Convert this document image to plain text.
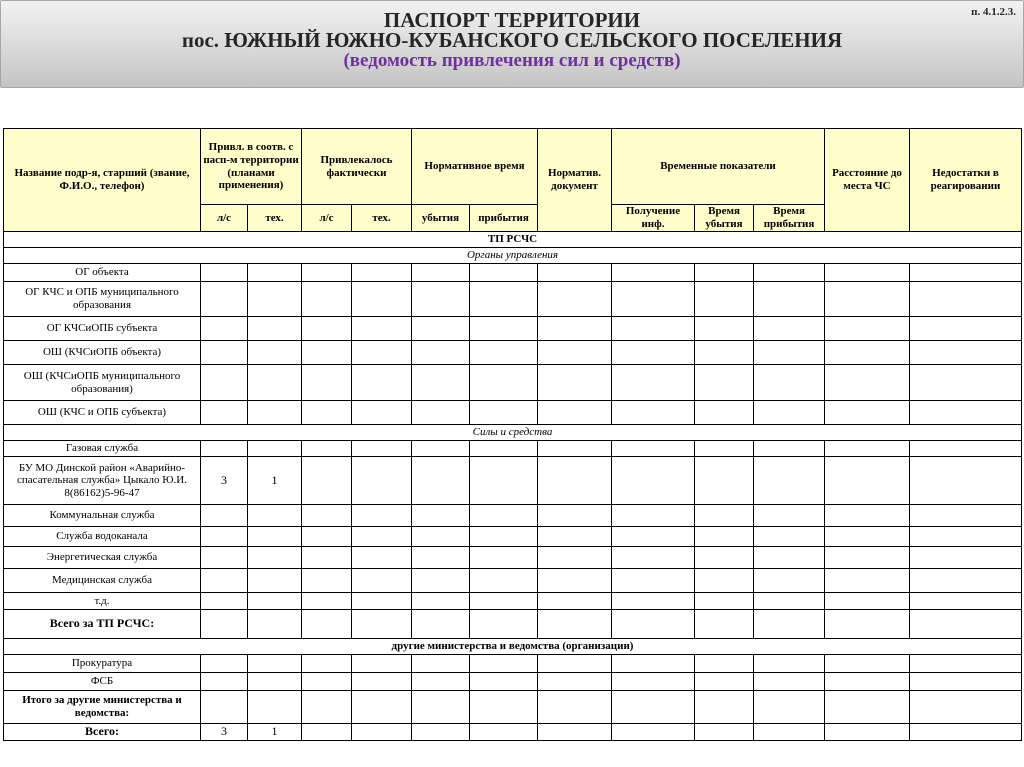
ПАСПОРТ ТЕРРИТОРИИ
пос. ЮЖНЫЙ ЮЖНО-КУБАНСКОГО СЕЛЬСКОГО ПОСЕЛЕНИЯ
(ведомость привлечения сил и средств)
п. 4.1.2.3.
Название подр-я, старший (звание, Ф.И.О., телефон)	Привл. в соотв. с пасп-м территории (планами применения)		Привлекалось фактически		Нормативное время		Норматив. документ	Временные показатели			Расстояние до места ЧС	Недостатки в реагировании
	л/с	тех.	л/с	тех.	убытия	прибытия		Получение инф.	Время убытия	Время прибытия		
ТП РСЧС												
Органы управления												
ОГ объекта												
ОГ КЧС и ОПБ муниципального образования												
ОГ КЧСиОПБ субъекта												
ОШ (КЧСиОПБ объекта)												
ОШ (КЧСиОПБ муниципального образования)												
ОШ (КЧС и ОПБ субъекта)												
Силы и средства												
Газовая служба												
БУ МО Динской район «Аварийно-спасательная служба» Цыкало Ю.И. 8(86162)5-96-47	3	1										
Коммунальная служба												
Служба водоканала												
Энергетическая служба												
Медицинская служба												
т.д.												
Всего за ТП РСЧС:												
другие министерства и ведомства (организации)												
Прокуратура												
ФСБ												
Итого за другие министерства и ведомства:												
Всего:	3	1										
